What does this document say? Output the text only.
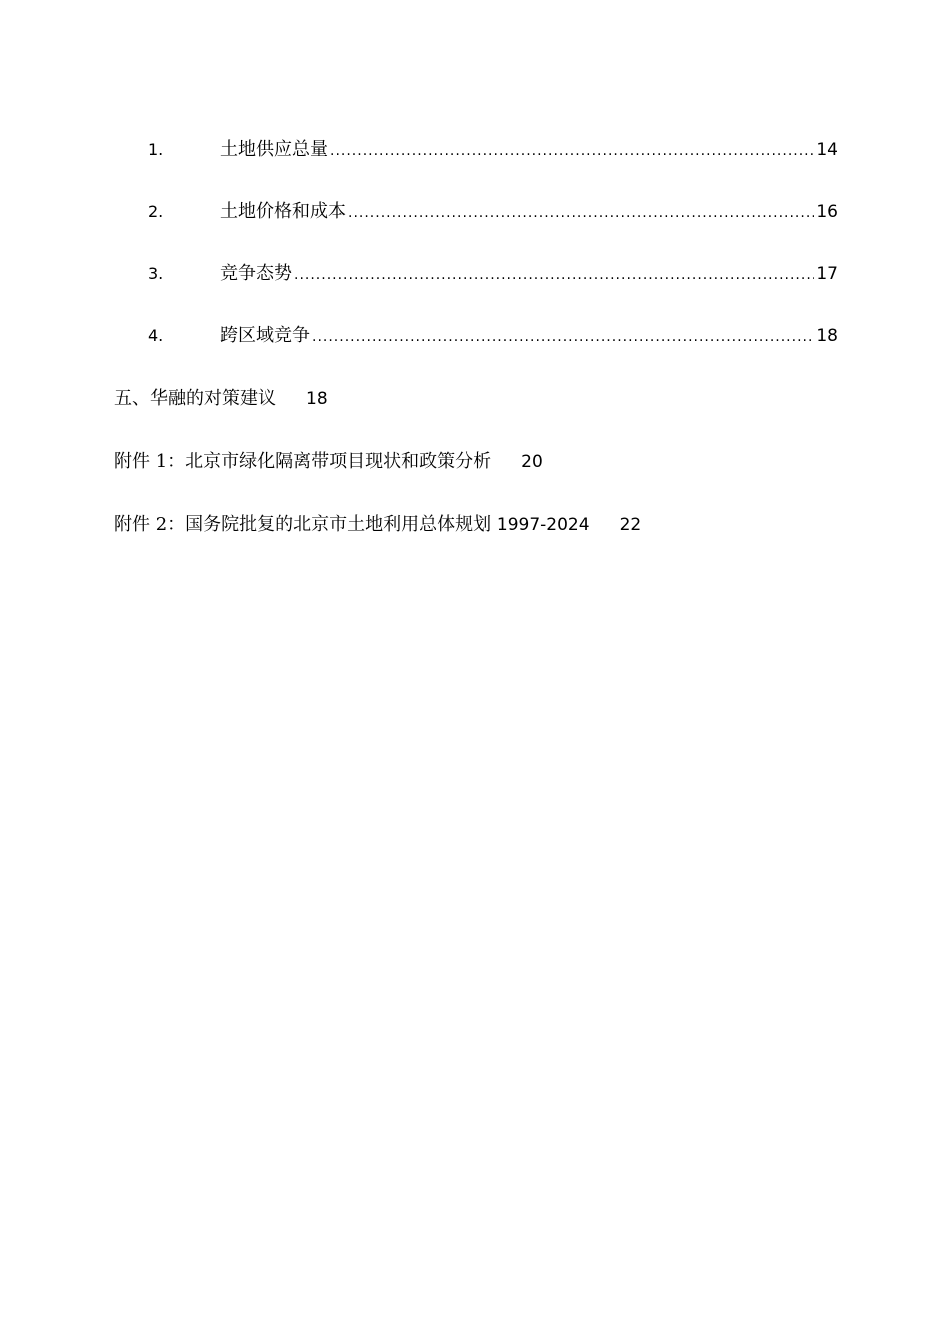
1.	土地供应总量 .....	14
2.	土地价格和成本 .....	16
3.	竞争态势 .....	17
4.	跨区域竞争 .....	18
五、华融的对策建议 18
附件 1：北京市绿化隔离带项目现状和政策分析 20
附件 2：国务院批复的北京市土地利用总体规划 1997-2024 22
